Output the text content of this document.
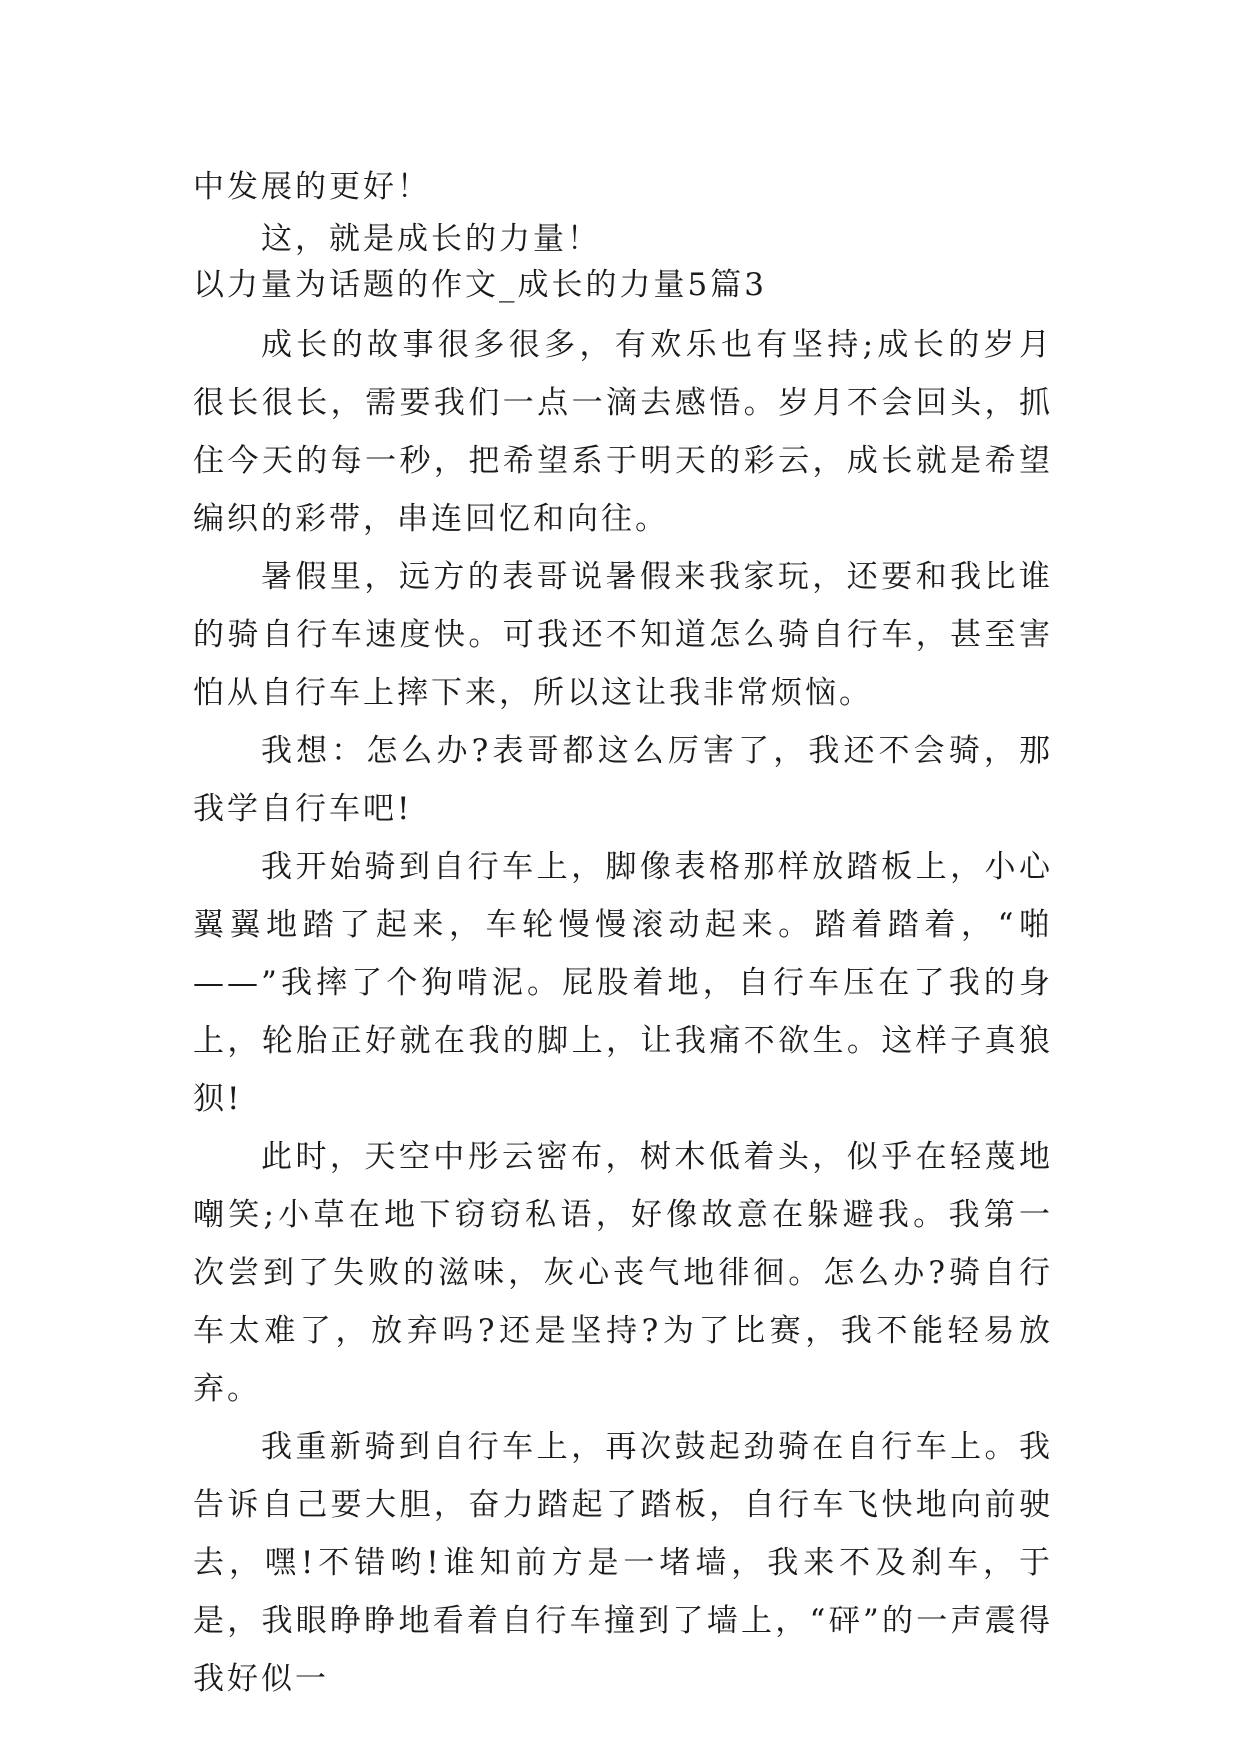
中发展的更好！

这，就是成长的力量！

以力量为话题的作文_成长的力量5篇3

成长的故事很多很多，有欢乐也有坚持;成长的岁月很长很长，需要我们一点一滴去感悟。岁月不会回头，抓住今天的每一秒，把希望系于明天的彩云，成长就是希望编织的彩带，串连回忆和向往。

暑假里，远方的表哥说暑假来我家玩，还要和我比谁的骑自行车速度快。可我还不知道怎么骑自行车，甚至害怕从自行车上摔下来，所以这让我非常烦恼。

我想：怎么办?表哥都这么厉害了，我还不会骑，那我学自行车吧!

我开始骑到自行车上，脚像表格那样放踏板上，小心翼翼地踏了起来，车轮慢慢滚动起来。踏着踏着，“啪——”我摔了个狗啃泥。屁股着地，自行车压在了我的身上，轮胎正好就在我的脚上，让我痛不欲生。这样子真狼狈!

此时，天空中彤云密布，树木低着头，似乎在轻蔑地嘲笑;小草在地下窃窃私语，好像故意在躲避我。我第一次尝到了失败的滋味，灰心丧气地徘徊。怎么办?骑自行车太难了，放弃吗?还是坚持?为了比赛，我不能轻易放弃。

我重新骑到自行车上，再次鼓起劲骑在自行车上。我告诉自己要大胆，奋力踏起了踏板，自行车飞快地向前驶去，嘿!不错哟!谁知前方是一堵墙，我来不及刹车，于是，我眼睁睁地看着自行车撞到了墙上，“砰”的一声震得我好似一
